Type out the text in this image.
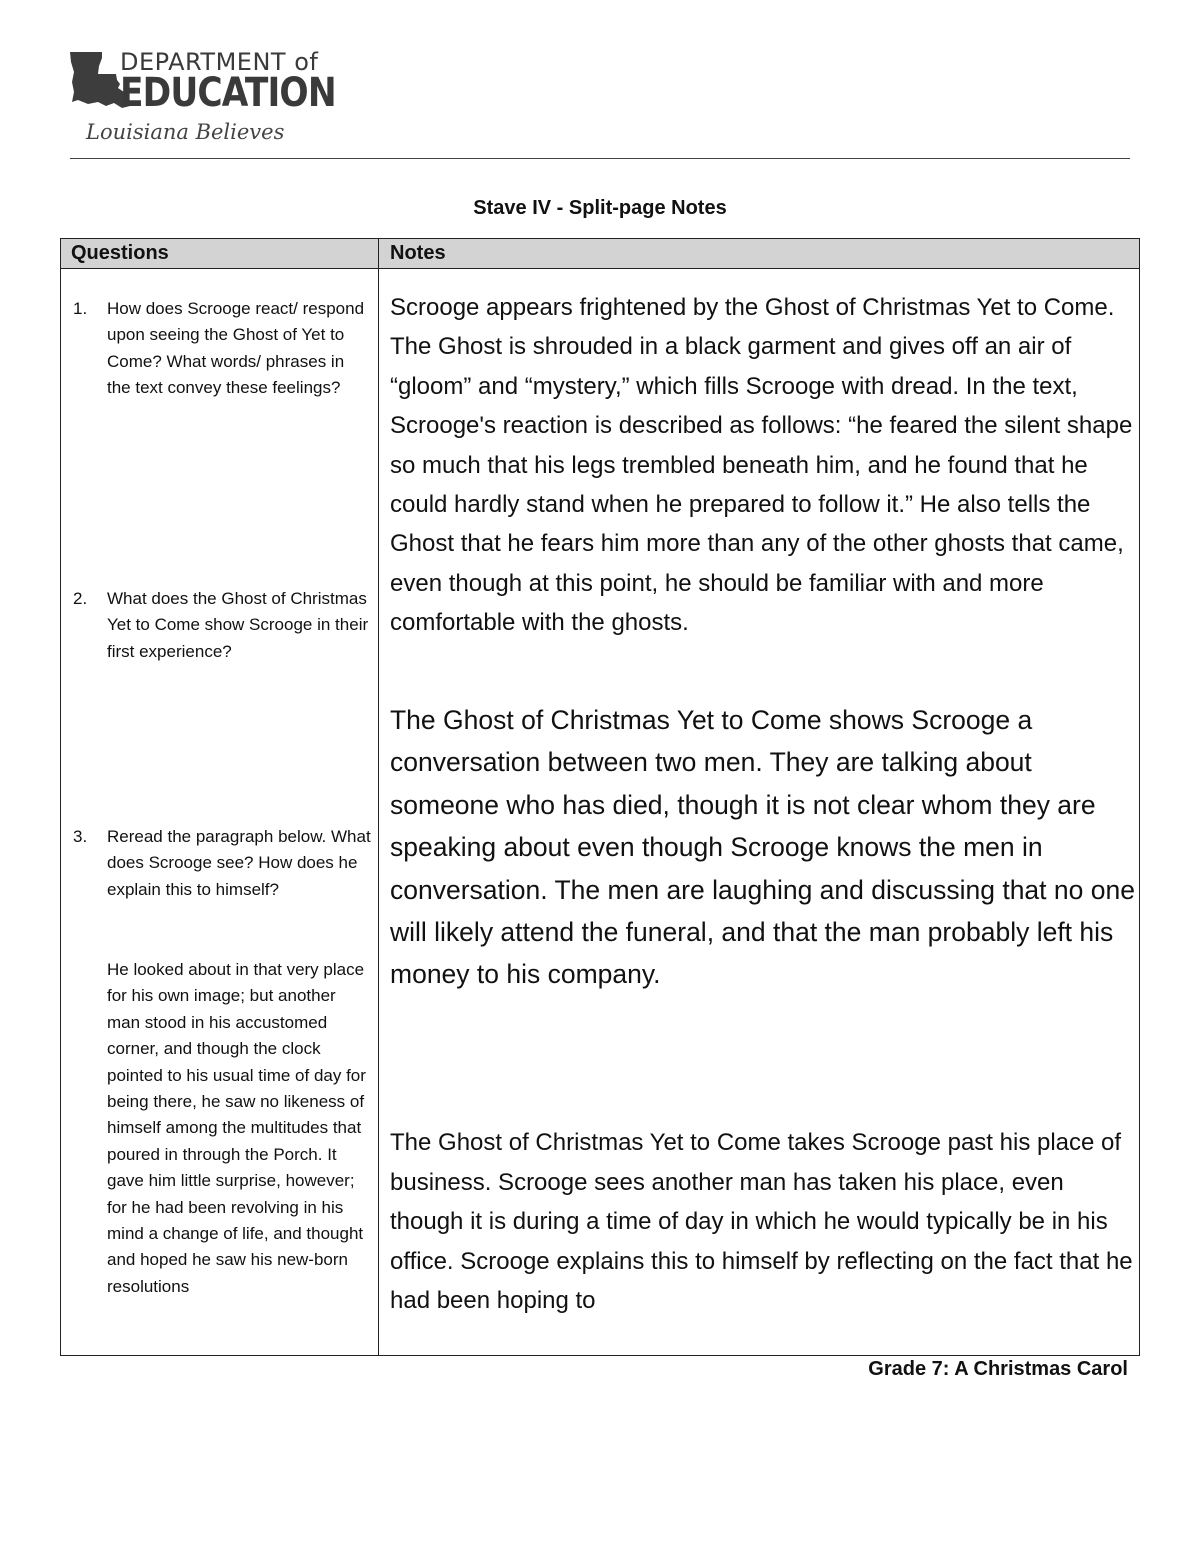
DEPARTMENT of
EDUCATION
Louisiana Believes
Stave IV - Split-page Notes
Questions	Notes
1. How does Scrooge react/ respond upon seeing the Ghost of Yet to Come? What words/ phrases in the text convey these feelings?
2. What does the Ghost of Christmas Yet to Come show Scrooge in their first experience?
3. Reread the paragraph below. What does Scrooge see? How does he explain this to himself?
He looked about in that very place for his own image; but another man stood in his accustomed corner, and though the clock pointed to his usual time of day for being there, he saw no likeness of himself among the multitudes that poured in through the Porch. It gave him little surprise, however; for he had been revolving in his mind a change of life, and thought and hoped he saw his new-born resolutions
Scrooge appears frightened by the Ghost of Christmas Yet to Come. The Ghost is shrouded in a black garment and gives off an air of “gloom” and “mystery,” which fills Scrooge with dread. In the text, Scrooge's reaction is described as follows: “he feared the silent shape so much that his legs trembled beneath him, and he found that he could hardly stand when he prepared to follow it.” He also tells the Ghost that he fears him more than any of the other ghosts that came, even though at this point, he should be familiar with and more comfortable with the ghosts.
The Ghost of Christmas Yet to Come shows Scrooge a conversation between two men. They are talking about someone who has died, though it is not clear whom they are speaking about even though Scrooge knows the men in conversation. The men are laughing and discussing that no one will likely attend the funeral, and that the man probably left his money to his company.
The Ghost of Christmas Yet to Come takes Scrooge past his place of business. Scrooge sees another man has taken his place, even though it is during a time of day in which he would typically be in his office. Scrooge explains this to himself by reflecting on the fact that he had been hoping to
Grade 7: A Christmas Carol
